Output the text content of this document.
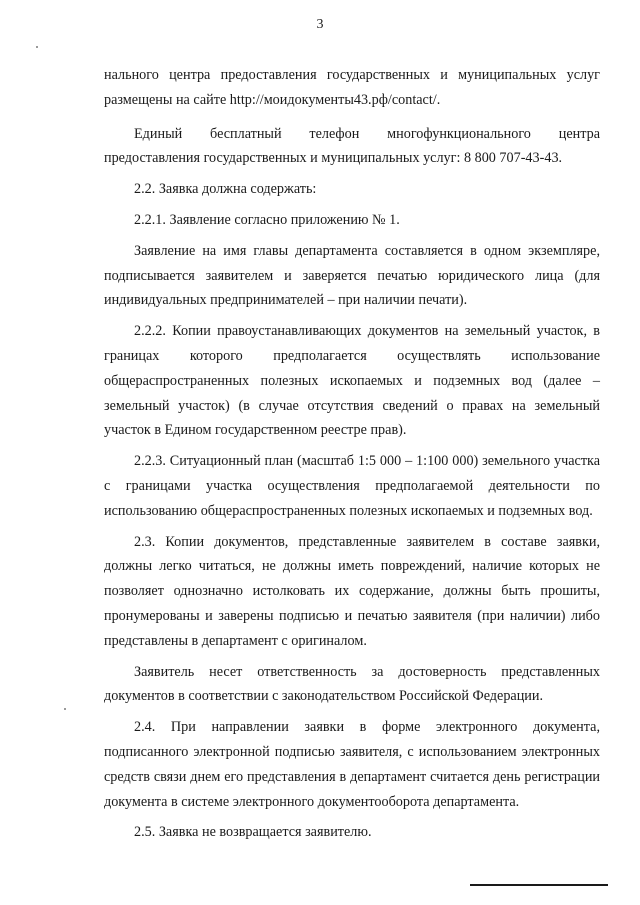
3

нального центра предоставления государственных и муниципальных услуг размещены на сайте http://моидокументы43.рф/contact/.

Единый бесплатный телефон многофункционального центра предоставления государственных и муниципальных услуг: 8 800 707-43-43.

2.2. Заявка должна содержать:

2.2.1. Заявление согласно приложению № 1.

Заявление на имя главы департамента составляется в одном экземпляре, подписывается заявителем и заверяется печатью юридического лица (для индивидуальных предпринимателей – при наличии печати).

2.2.2. Копии правоустанавливающих документов на земельный участок, в границах которого предполагается осуществлять использование общераспространенных полезных ископаемых и подземных вод (далее – земельный участок) (в случае отсутствия сведений о правах на земельный участок в Едином государственном реестре прав).

2.2.3. Ситуационный план (масштаб 1:5 000 – 1:100 000) земельного участка с границами участка осуществления предполагаемой деятельности по использованию общераспространенных полезных ископаемых и подземных вод.

2.3. Копии документов, представленные заявителем в составе заявки, должны легко читаться, не должны иметь повреждений, наличие которых не позволяет однозначно истолковать их содержание, должны быть прошиты, пронумерованы и заверены подписью и печатью заявителя (при наличии) либо представлены в департамент с оригиналом.

Заявитель несет ответственность за достоверность представленных документов в соответствии с законодательством Российской Федерации.

2.4. При направлении заявки в форме электронного документа, подписанного электронной подписью заявителя, с использованием электронных средств связи днем его представления в департамент считается день регистрации документа в системе электронного документооборота департамента.

2.5. Заявка не возвращается заявителю.
